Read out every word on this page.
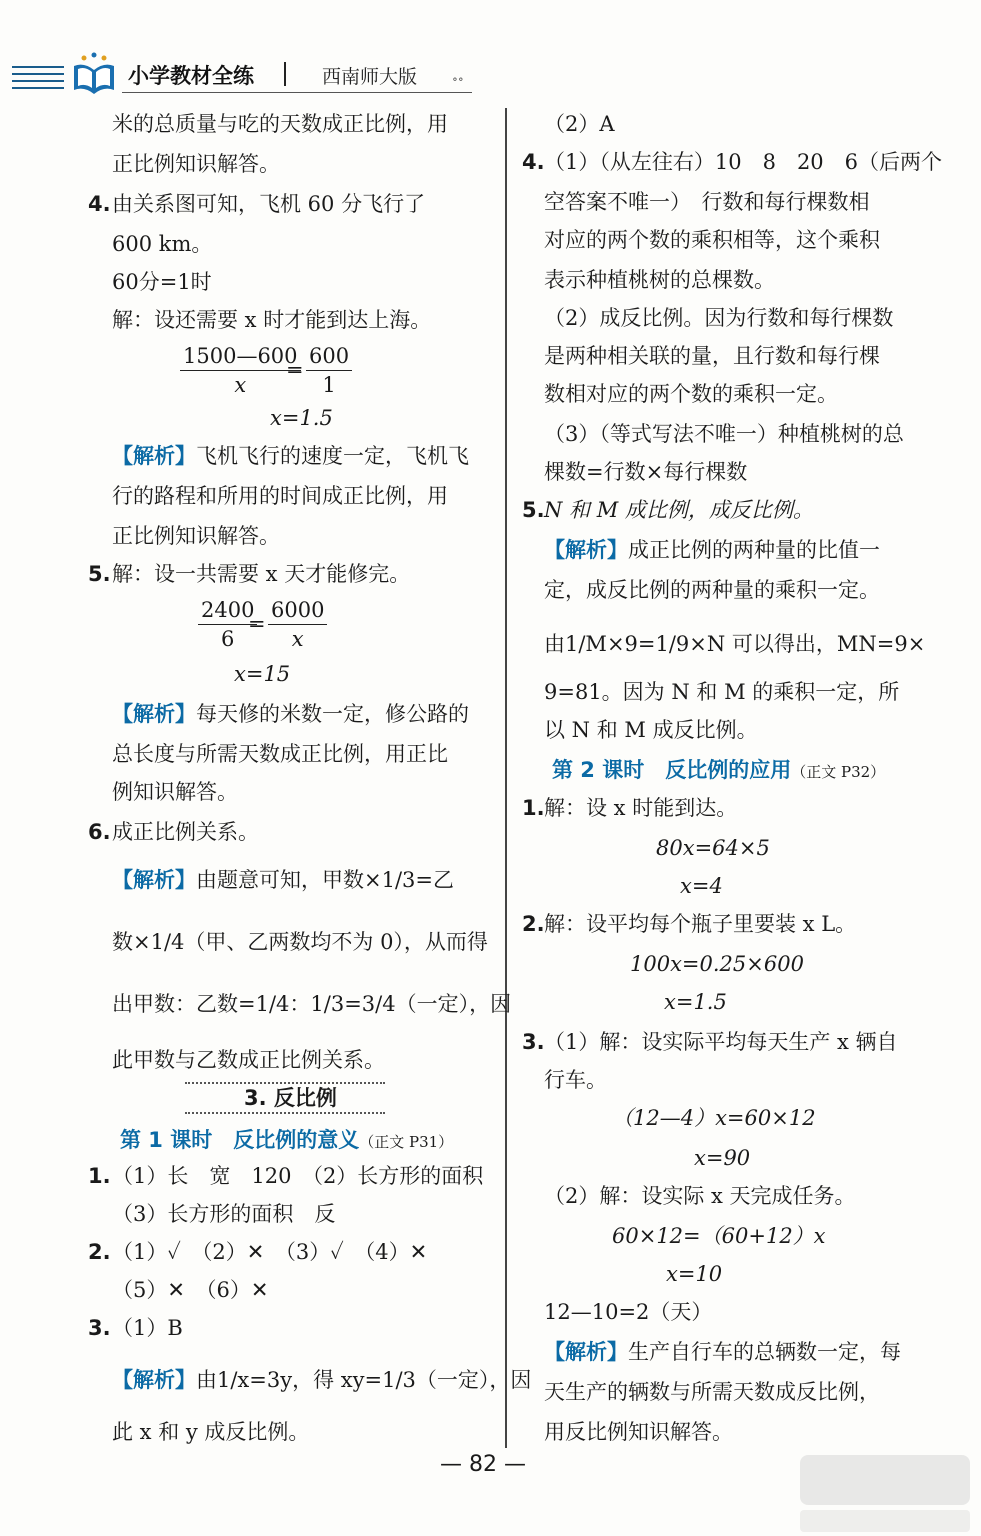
小学教材全练	西南师大版	∘∘
米的总质量与吃的天数成正比例，用
正比例知识解答。
4. 由关系图可知，飞机 60 分飞行了
600 km。
60分=1时
解：设还需要 x 时才能到达上海。
$\frac{1500—600}{x}$
= $\frac{600}{1}$
x=1.5
【解析】 飞机飞行的速度一定，飞机飞
行的路程和所用的时间成正比例，用
正比例知识解答。
5. 解：设一共需要 x 天才能修完。
$\frac{2400}{6}$
= $\frac{6000}{x}$
x=15
【解析】 每天修的米数一定，修公路的
总长度与所需天数成正比例，用正比
例知识解答。
6. 成正比例关系。
【解析】 由题意可知，甲数×1/3=乙
数×1/4（甲、乙两数均不为 0），从而得
出甲数：乙数=1/4：1/3=3/4（一定），因
此甲数与乙数成正比例关系。
3. 反比例
第 1 课时　反比例的意义（正文 P31）
1. （1）长　宽　120　（2）长方形的面积
（3）长方形的面积　反
2. （1）✓　（2）✕　（3）✓　（4）✕
（5）✕　（6）✕
3. （1）B
【解析】 由1/x=3y，得 xy=1/3（一定），因
此 x 和 y 成反比例。
（2）A
4. （1）（从左往右）10　8　20　6（后两个
空答案不唯一）　行数和每行棵数相
对应的两个数的乘积相等，这个乘积
表示种植桃树的总棵数。
（2）成反比例。因为行数和每行棵数
是两种相关联的量，且行数和每行棵
数相对应的两个数的乘积一定。
（3）（等式写法不唯一）种植桃树的总
棵数=行数×每行棵数
5. N 和 M 成比例，成反比例。
【解析】 成正比例的两种量的比值一
定，成反比例的两种量的乘积一定。
由1/M×9=1/9×N 可以得出，MN=9×
9=81。因为 N 和 M 的乘积一定，所
以 N 和 M 成反比例。
第 2 课时　反比例的应用（正文 P32）
1. 解：设 x 时能到达。
80x=64×5
x=4
2. 解：设平均每个瓶子里要装 x L。
100x=0.25×600
x=1.5
3. （1）解：设实际平均每天生产 x 辆自
行车。
（12—4）x=60×12
x=90
（2）解：设实际 x 天完成任务。
60×12=（60+12）x
x=10
12—10=2（天）
【解析】 生产自行车的总辆数一定，每
天生产的辆数与所需天数成反比例，
用反比例知识解答。
— 82 —
